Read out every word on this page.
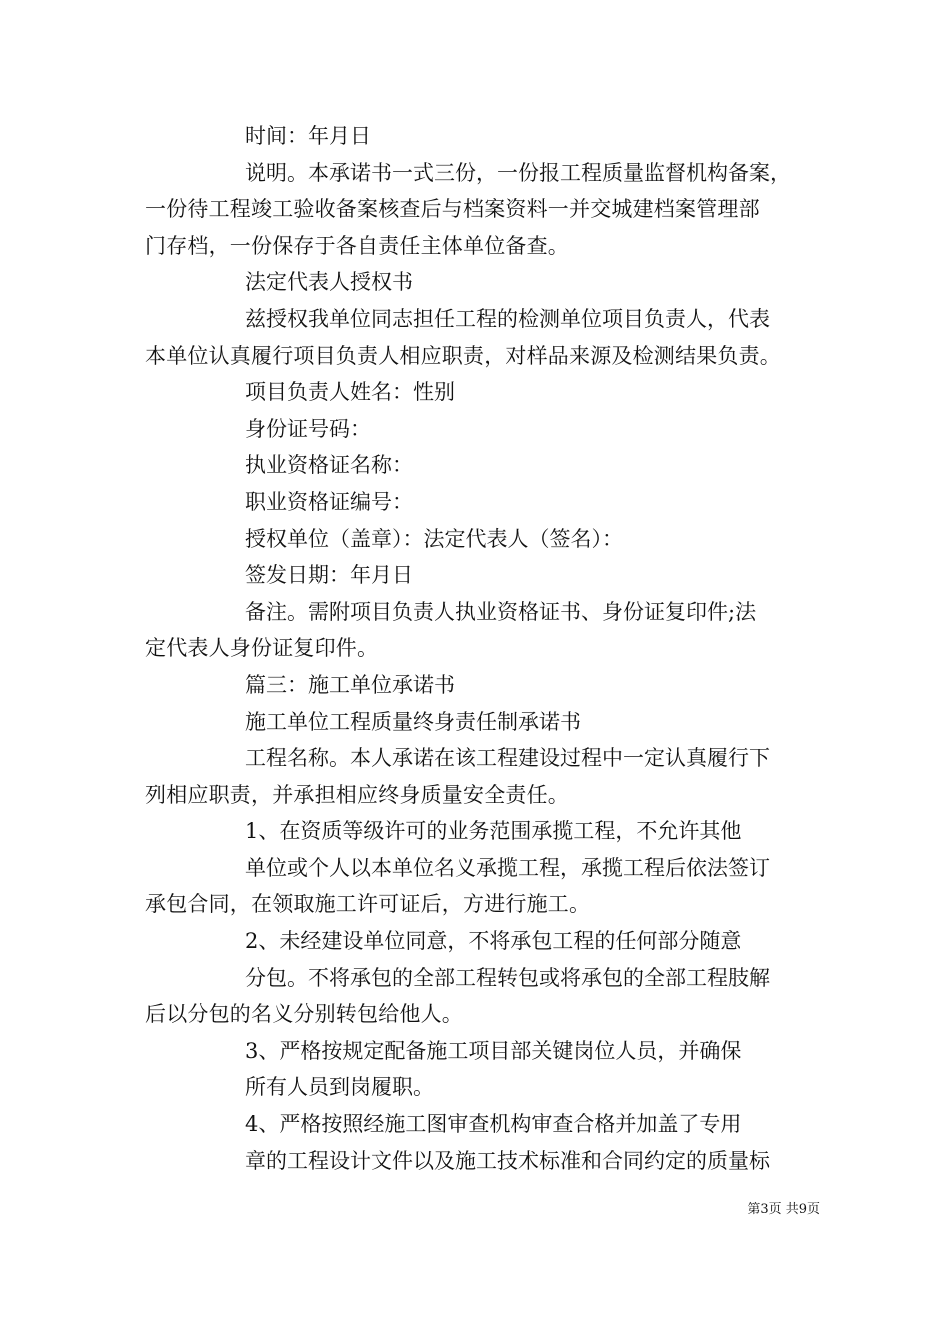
时间：年月日
说明。本承诺书一式三份，一份报工程质量监督机构备案，
一份待工程竣工验收备案核查后与档案资料一并交城建档案管理部
门存档，一份保存于各自责任主体单位备查。
法定代表人授权书
兹授权我单位同志担任工程的检测单位项目负责人，代表
本单位认真履行项目负责人相应职责，对样品来源及检测结果负责。
项目负责人姓名：性别
身份证号码：
执业资格证名称：
职业资格证编号：
授权单位（盖章）：法定代表人（签名）：
签发日期：年月日
备注。需附项目负责人执业资格证书、身份证复印件;法
定代表人身份证复印件。
篇三：施工单位承诺书
施工单位工程质量终身责任制承诺书
工程名称。本人承诺在该工程建设过程中一定认真履行下
列相应职责，并承担相应终身质量安全责任。
1、在资质等级许可的业务范围承揽工程，不允许其他
单位或个人以本单位名义承揽工程，承揽工程后依法签订
承包合同，在领取施工许可证后，方进行施工。
2、未经建设单位同意，不将承包工程的任何部分随意
分包。不将承包的全部工程转包或将承包的全部工程肢解
后以分包的名义分别转包给他人。
3、严格按规定配备施工项目部关键岗位人员，并确保
所有人员到岗履职。
4、严格按照经施工图审查机构审查合格并加盖了专用
章的工程设计文件以及施工技术标准和合同约定的质量标
第3页 共9页
